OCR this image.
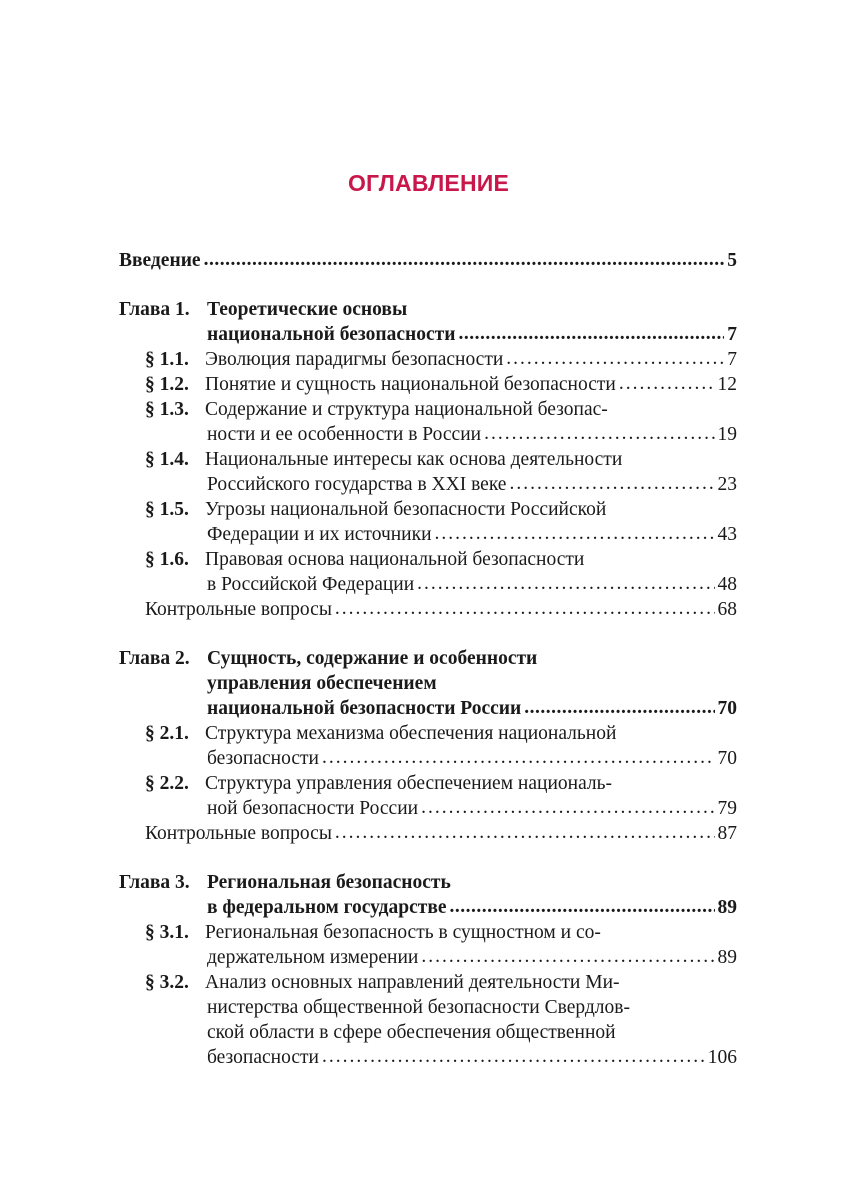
ОГЛАВЛЕНИЕ
Введение .....	5
Глава 1. Теоретические основы
национальной безопасности .....	7
§ 1.1. Эволюция парадигмы безопасности .....	7
§ 1.2. Понятие и сущность национальной безопасности .....	12
§ 1.3. Содержание и структура национальной безопас-
ности и ее особенности в России .....	19
§ 1.4. Национальные интересы как основа деятельности
Российского государства в XXI веке .....	23
§ 1.5. Угрозы национальной безопасности Российской
Федерации и их источники .....	43
§ 1.6. Правовая основа национальной безопасности
в Российской Федерации .....	48
Контрольные вопросы .....	68
Глава 2. Сущность, содержание и особенности
управления обеспечением
национальной безопасности России .....	70
§ 2.1. Структура механизма обеспечения национальной
безопасности .....	70
§ 2.2. Структура управления обеспечением националь-
ной безопасности России .....	79
Контрольные вопросы .....	87
Глава 3. Региональная безопасность
в федеральном государстве .....	89
§ 3.1. Региональная безопасность в сущностном и со-
держательном измерении .....	89
§ 3.2. Анализ основных направлений деятельности Ми-
нистерства общественной безопасности Свердлов-
ской области в сфере обеспечения общественной
безопасности .....	106
